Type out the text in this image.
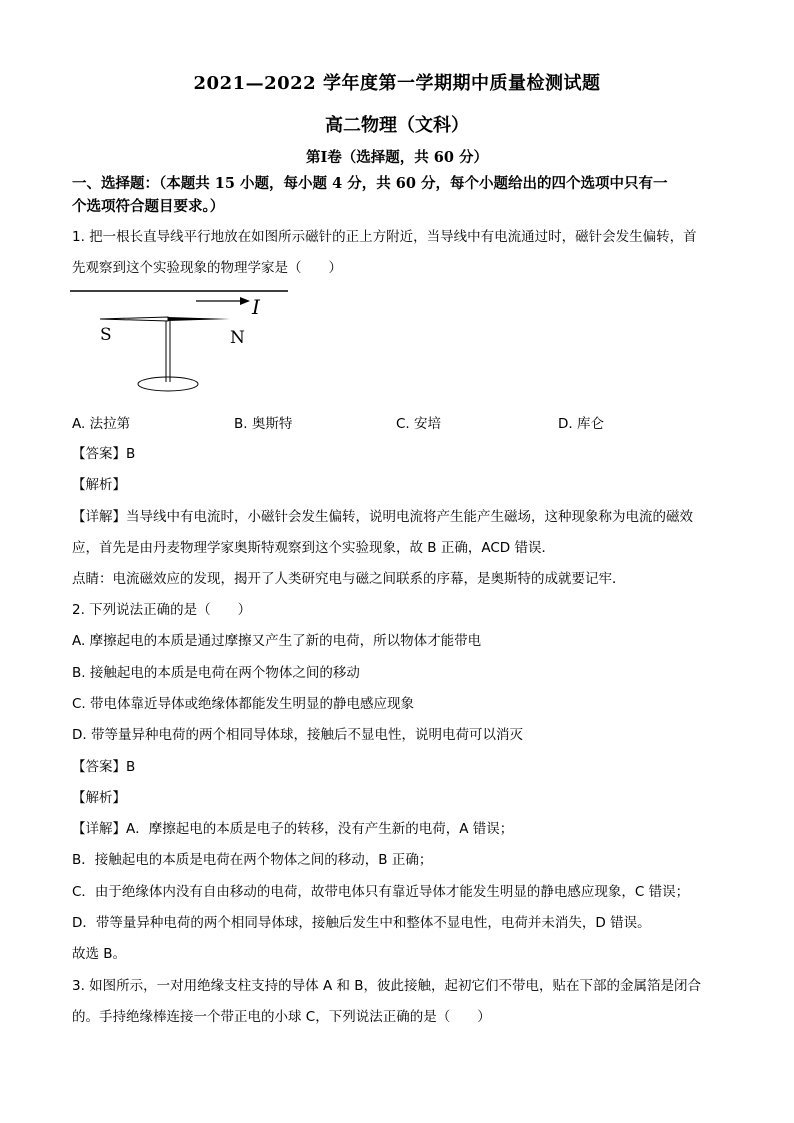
2021—2022 学年度第一学期期中质量检测试题
高二物理（文科）
第Ⅰ卷（选择题，共 60 分）
一、选择题：（本题共 15 小题，每小题 4 分，共 60 分，每个小题给出的四个选项中只有一
个选项符合题目要求。）
1. 把一根长直导线平行地放在如图所示磁针的正上方附近，当导线中有电流通过时，磁针会发生偏转，首
先观察到这个实验现象的物理学家是（　　）
I
S	N
A. 法拉第	B. 奥斯特	C. 安培	D. 库仑
【答案】B
【解析】
【详解】当导线中有电流时，小磁针会发生偏转，说明电流将产生能产生磁场，这种现象称为电流的磁效
应，首先是由丹麦物理学家奥斯特观察到这个实验现象，故 B 正确，ACD 错误．
点睛：电流磁效应的发现，揭开了人类研究电与磁之间联系的序幕，是奥斯特的成就要记牢．
2. 下列说法正确的是（　　）
A. 摩擦起电的本质是通过摩擦又产生了新的电荷，所以物体才能带电
B. 接触起电的本质是电荷在两个物体之间的移动
C. 带电体靠近导体或绝缘体都能发生明显的静电感应现象
D. 带等量异种电荷的两个相同导体球，接触后不显电性，说明电荷可以消灭
【答案】B
【解析】
【详解】A．摩擦起电的本质是电子的转移，没有产生新的电荷，A 错误；
B．接触起电的本质是电荷在两个物体之间的移动，B 正确；
C．由于绝缘体内没有自由移动的电荷，故带电体只有靠近导体才能发生明显的静电感应现象，C 错误；
D．带等量异种电荷的两个相同导体球，接触后发生中和整体不显电性，电荷并未消失，D 错误。
故选 B。
3. 如图所示，一对用绝缘支柱支持的导体 A 和 B，彼此接触，起初它们不带电，贴在下部的金属箔是闭合
的。手持绝缘棒连接一个带正电的小球 C，下列说法正确的是（　　）
